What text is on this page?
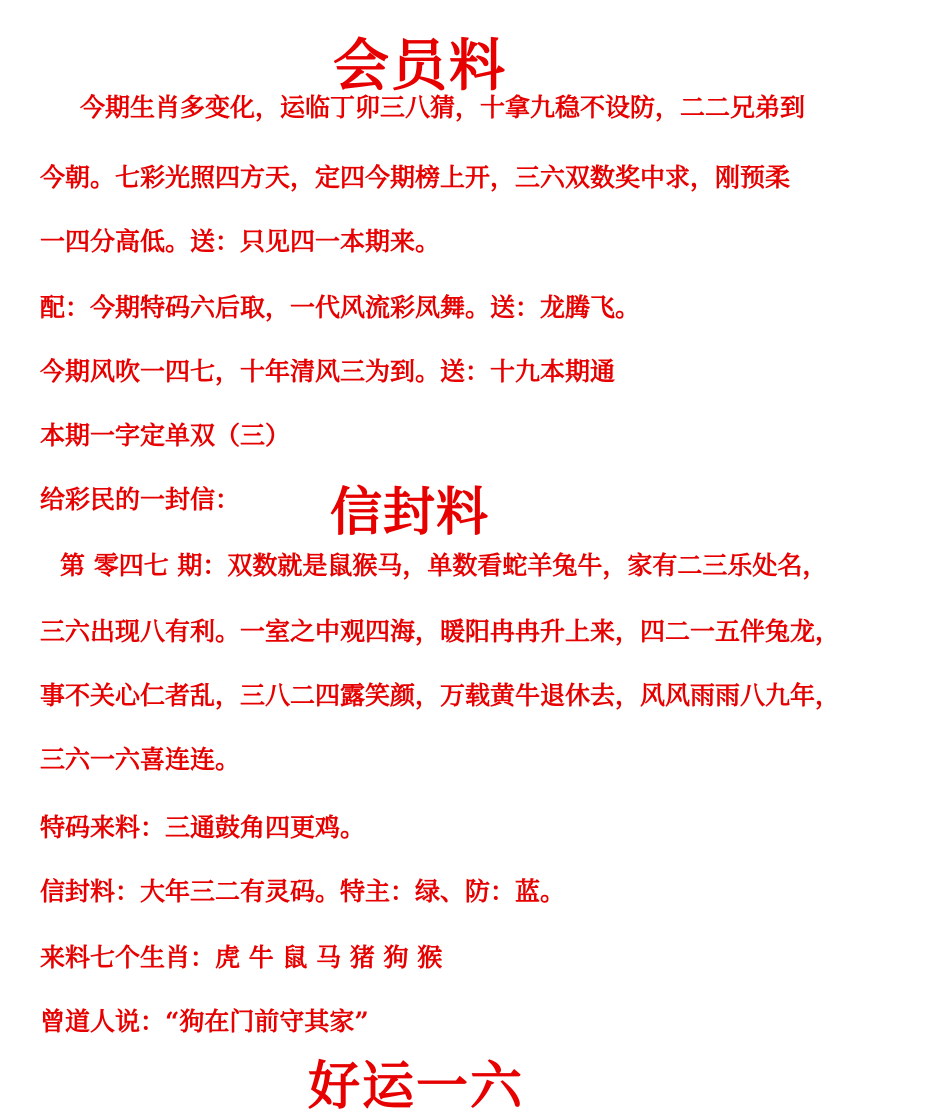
会员料
今期生肖多变化，运临丁卯三八猜，十拿九稳不设防，二二兄弟到
今朝。七彩光照四方天，定四今期榜上开，三六双数奖中求，刚预柔
一四分高低。送：只见四一本期来。
配：今期特码六后取，一代风流彩凤舞。送：龙腾飞。
今期风吹一四七，十年清风三为到。送：十九本期通
本期一字定单双（三）
给彩民的一封信： 信封料
第 零四七 期：双数就是鼠猴马，单数看蛇羊兔牛，家有二三乐处名，
三六出现八有利。一室之中观四海，暖阳冉冉升上来，四二一五伴兔龙，
事不关心仁者乱，三八二四露笑颜，万载黄牛退休去，风风雨雨八九年，
三六一六喜连连。
特码来料：三通鼓角四更鸡。
信封料：大年三二有灵码。特主：绿、防：蓝。
来料七个生肖：虎 牛 鼠 马 猪 狗 猴
曾道人说：“狗在门前守其家”
好运一六
